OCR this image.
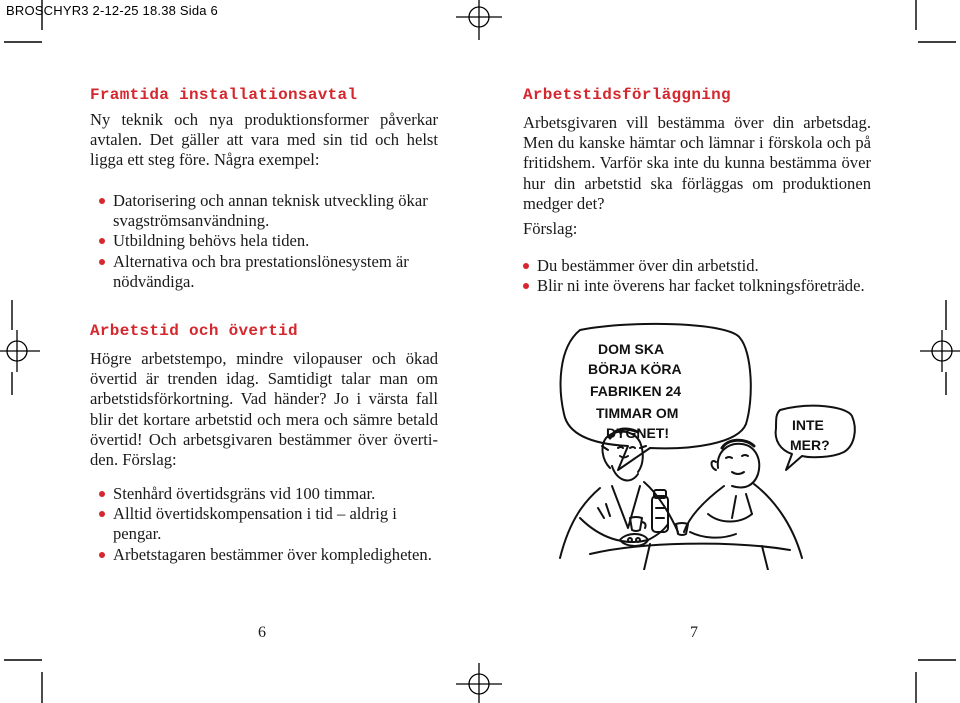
BROSCHYR3 2-12-25 18.38 Sida 6
Framtida installationsavtal

Ny teknik och nya produktionsformer påverkar avtalen. Det gäller att vara med sin tid och helst ligga ett steg före. Några exempel:

Datorisering och annan teknisk utveckling ökar svagströmsanvändning.
Utbildning behövs hela tiden.
Alternativa och bra prestationslönesystem är nödvändiga.
Arbetstid och övertid

Högre arbetstempo, mindre vilopauser och ökad övertid är trenden idag. Samtidigt talar man om arbetstidsförkortning. Vad händer? Jo i värsta fall blir det kortare arbetstid och mera och sämre betald övertid! Och arbetsgivaren bestämmer över övertiden. Förslag:

Stenhård övertidsgräns vid 100 timmar.
Alltid övertidskompensation i tid – aldrig i pengar.
Arbetstagaren bestämmer över kompledigheten.
6
Arbetstidsförläggning

Arbetsgivaren vill bestämma över din arbetsdag. Men du kanske hämtar och lämnar i förskola och på fritidshem. Varför ska inte du kunna bestämma över hur din arbetstid ska förläggas om produktionen medger det?

Förslag:

Du bestämmer över din arbetstid.
Blir ni inte överens har facket tolkningsföreträde.
DOM SKA
BÖRJA KÖRA
FABRIKEN 24
TIMMAR OM
DYGNET!	INTE
MER?
7
